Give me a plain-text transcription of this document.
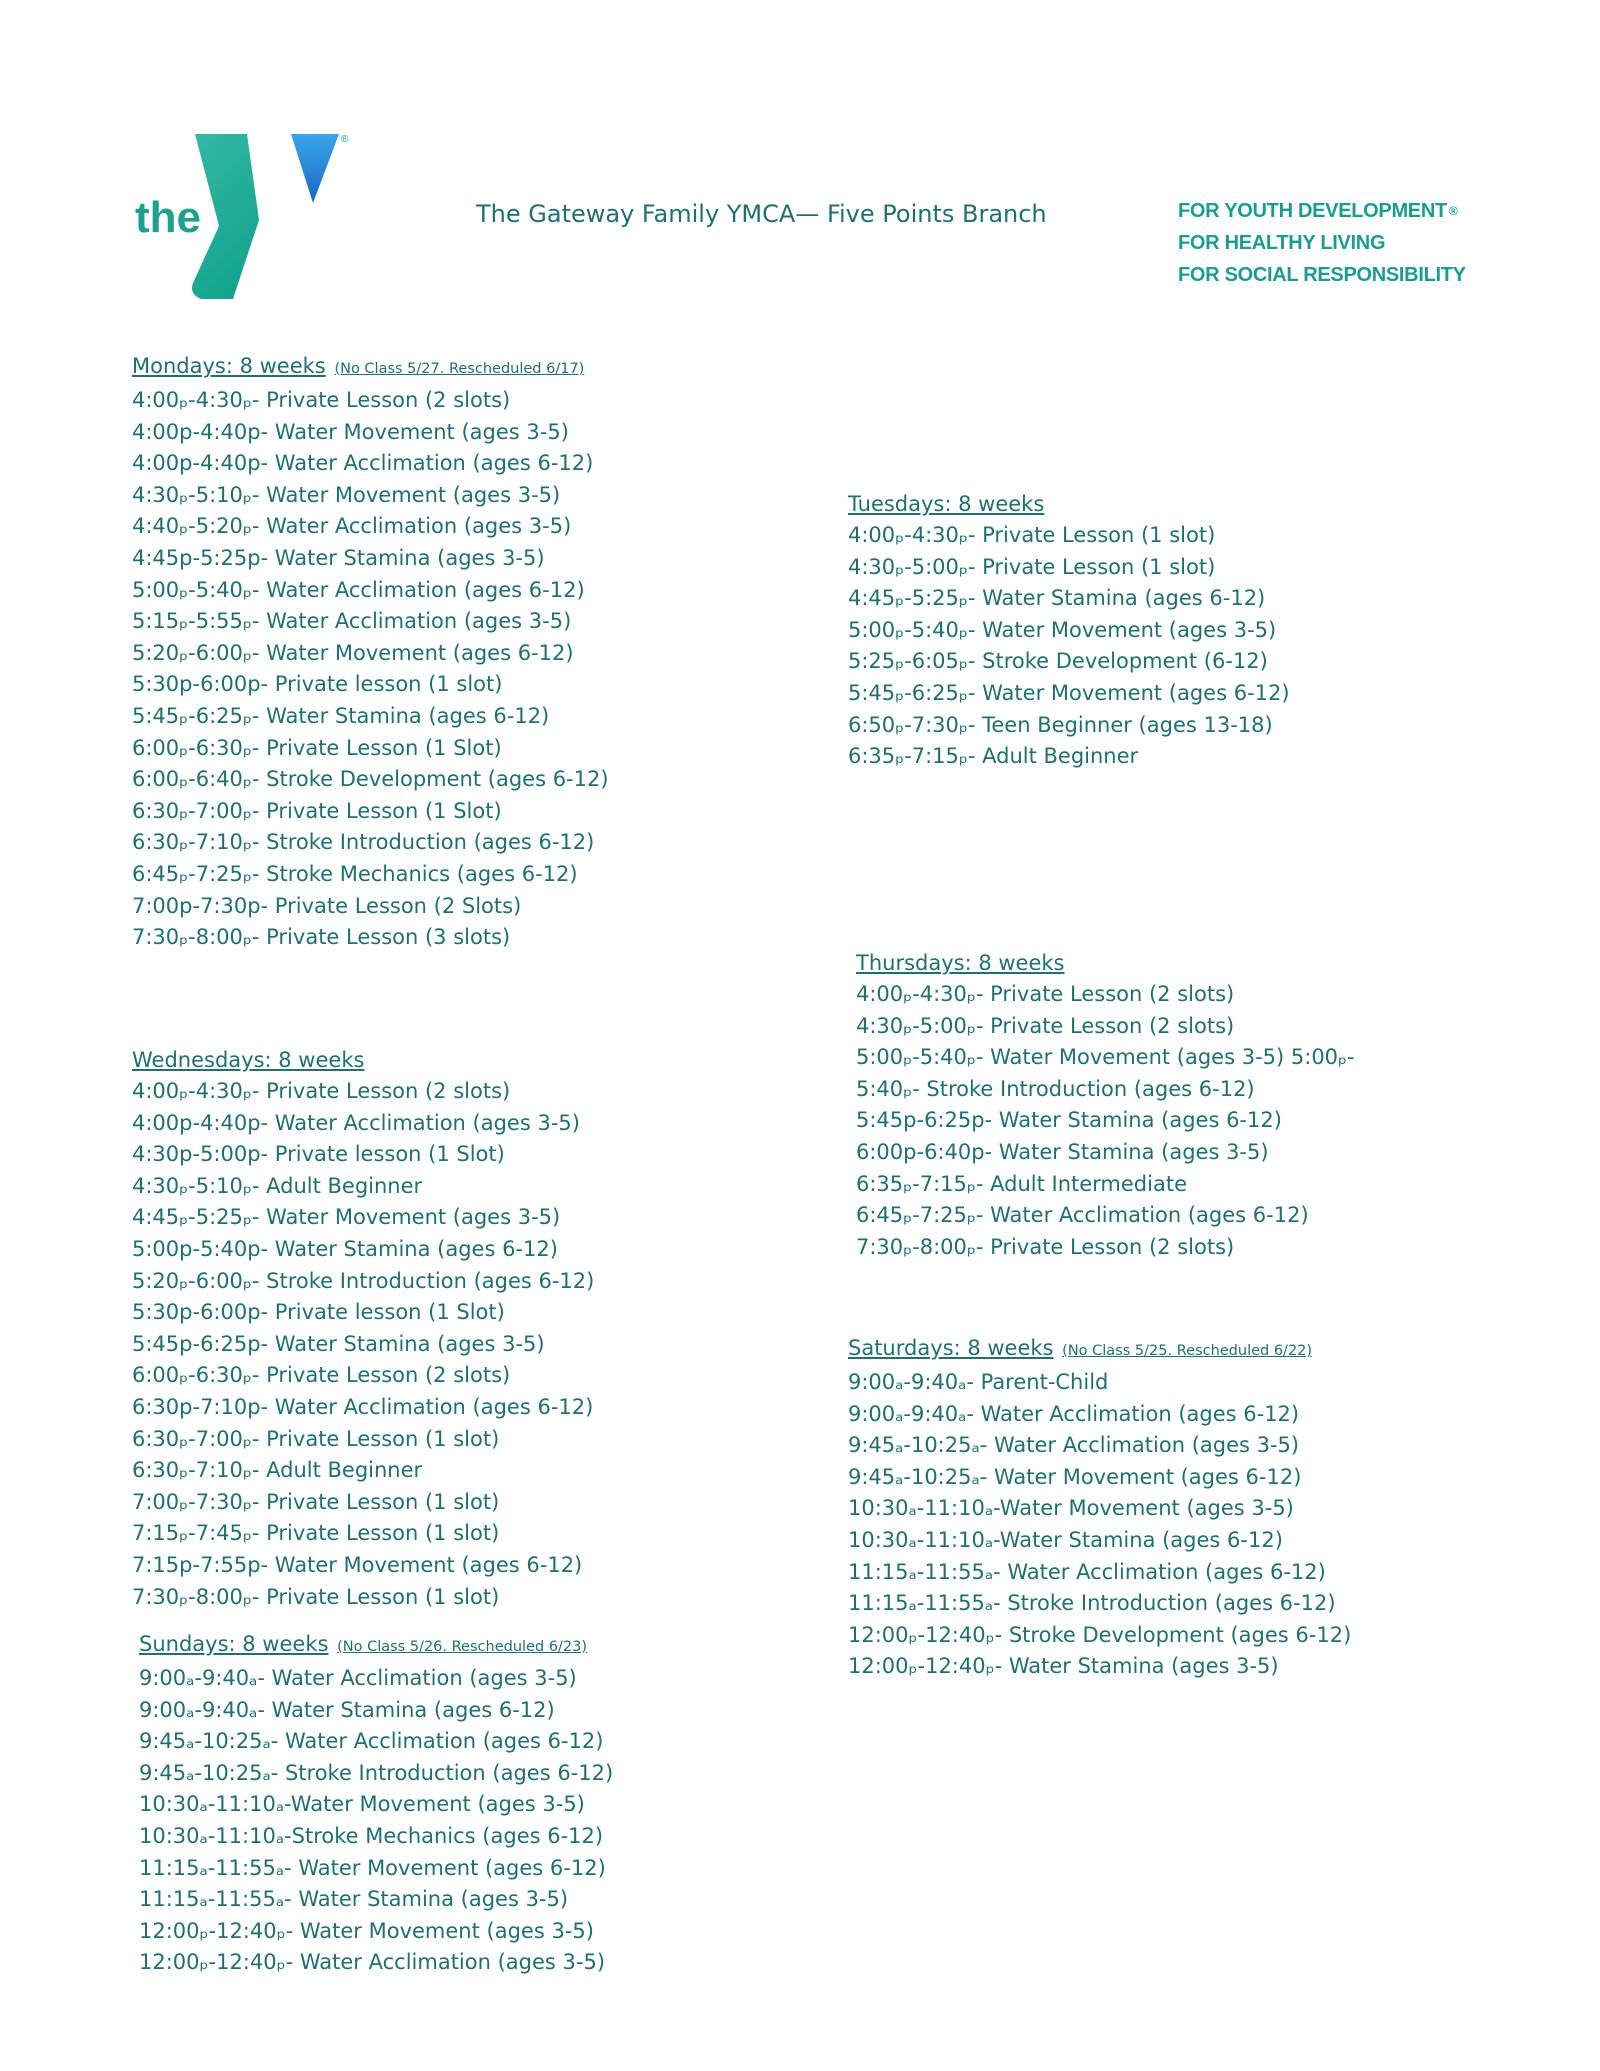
the
YMCA
®
The Gateway Family YMCA— Five Points Branch	FOR YOUTH DEVELOPMENT ®
FOR HEALTHY LIVING
FOR SOCIAL RESPONSIBILITY
Mondays: 8 weeks (No Class 5/27. Rescheduled 6/17)
4:00ₚ-4:30ₚ- Private Lesson (2 slots)
4:00p-4:40p- Water Movement (ages 3-5)
4:00p-4:40p- Water Acclimation (ages 6-12)
4:30ₚ-5:10ₚ- Water Movement (ages 3-5)
4:40ₚ-5:20ₚ- Water Acclimation (ages 3-5)
4:45p-5:25p- Water Stamina (ages 3-5)
5:00ₚ-5:40ₚ- Water Acclimation (ages 6-12)
5:15ₚ-5:55ₚ- Water Acclimation (ages 3-5)
5:20ₚ-6:00ₚ- Water Movement (ages 6-12)
5:30p-6:00p- Private lesson (1 slot)
5:45ₚ-6:25ₚ- Water Stamina (ages 6-12)
6:00ₚ-6:30ₚ- Private Lesson (1 Slot)
6:00ₚ-6:40ₚ- Stroke Development (ages 6-12)
6:30ₚ-7:00ₚ- Private Lesson (1 Slot)
6:30ₚ-7:10ₚ- Stroke Introduction (ages 6-12)
6:45ₚ-7:25ₚ- Stroke Mechanics (ages 6-12)
7:00p-7:30p- Private Lesson (2 Slots)
7:30ₚ-8:00ₚ- Private Lesson (3 slots)
Tuesdays: 8 weeks
4:00ₚ-4:30ₚ- Private Lesson (1 slot)
4:30ₚ-5:00ₚ- Private Lesson (1 slot)
4:45ₚ-5:25ₚ- Water Stamina (ages 6-12)
5:00ₚ-5:40ₚ- Water Movement (ages 3-5)
5:25ₚ-6:05ₚ- Stroke Development (6-12)
5:45ₚ-6:25ₚ- Water Movement (ages 6-12)
6:50ₚ-7:30ₚ- Teen Beginner (ages 13-18)
6:35ₚ-7:15ₚ- Adult Beginner
Wednesdays: 8 weeks
4:00ₚ-4:30ₚ- Private Lesson (2 slots)
4:00p-4:40p- Water Acclimation (ages 3-5)
4:30p-5:00p- Private lesson (1 Slot)
4:30ₚ-5:10ₚ- Adult Beginner
4:45ₚ-5:25ₚ- Water Movement (ages 3-5)
5:00p-5:40p- Water Stamina (ages 6-12)
5:20ₚ-6:00ₚ- Stroke Introduction (ages 6-12)
5:30p-6:00p- Private lesson (1 Slot)
5:45p-6:25p- Water Stamina (ages 3-5)
6:00ₚ-6:30ₚ- Private Lesson (2 slots)
6:30p-7:10p- Water Acclimation (ages 6-12)
6:30ₚ-7:00ₚ- Private Lesson (1 slot)
6:30ₚ-7:10ₚ- Adult Beginner
7:00ₚ-7:30ₚ- Private Lesson (1 slot)
7:15ₚ-7:45ₚ- Private Lesson (1 slot)
7:15p-7:55p- Water Movement (ages 6-12)
7:30ₚ-8:00ₚ- Private Lesson (1 slot)
Thursdays: 8 weeks
4:00ₚ-4:30ₚ- Private Lesson (2 slots)
4:30ₚ-5:00ₚ- Private Lesson (2 slots)
5:00ₚ-5:40ₚ- Water Movement (ages 3-5) 5:00ₚ-
5:40ₚ- Stroke Introduction (ages 6-12)
5:45p-6:25p- Water Stamina (ages 6-12)
6:00p-6:40p- Water Stamina (ages 3-5)
6:35ₚ-7:15ₚ- Adult Intermediate
6:45ₚ-7:25ₚ- Water Acclimation (ages 6-12)
7:30ₚ-8:00ₚ- Private Lesson (2 slots)
Sundays: 8 weeks (No Class 5/26. Rescheduled 6/23)
9:00ₐ-9:40ₐ- Water Acclimation (ages 3-5)
9:00ₐ-9:40ₐ- Water Stamina (ages 6-12)
9:45ₐ-10:25ₐ- Water Acclimation (ages 6-12)
9:45ₐ-10:25ₐ- Stroke Introduction (ages 6-12)
10:30ₐ-11:10ₐ-Water Movement (ages 3-5)
10:30ₐ-11:10ₐ-Stroke Mechanics (ages 6-12)
11:15ₐ-11:55ₐ- Water Movement (ages 6-12)
11:15ₐ-11:55ₐ- Water Stamina (ages 3-5)
12:00ₚ-12:40ₚ- Water Movement (ages 3-5)
12:00ₚ-12:40ₚ- Water Acclimation (ages 3-5)
Saturdays: 8 weeks (No Class 5/25. Rescheduled 6/22)
9:00ₐ-9:40ₐ- Parent-Child
9:00ₐ-9:40ₐ- Water Acclimation (ages 6-12)
9:45ₐ-10:25ₐ- Water Acclimation (ages 3-5)
9:45ₐ-10:25ₐ- Water Movement (ages 6-12)
10:30ₐ-11:10ₐ-Water Movement (ages 3-5)
10:30ₐ-11:10ₐ-Water Stamina (ages 6-12)
11:15ₐ-11:55ₐ- Water Acclimation (ages 6-12)
11:15ₐ-11:55ₐ- Stroke Introduction (ages 6-12)
12:00ₚ-12:40ₚ- Stroke Development (ages 6-12)
12:00ₚ-12:40ₚ- Water Stamina (ages 3-5)
